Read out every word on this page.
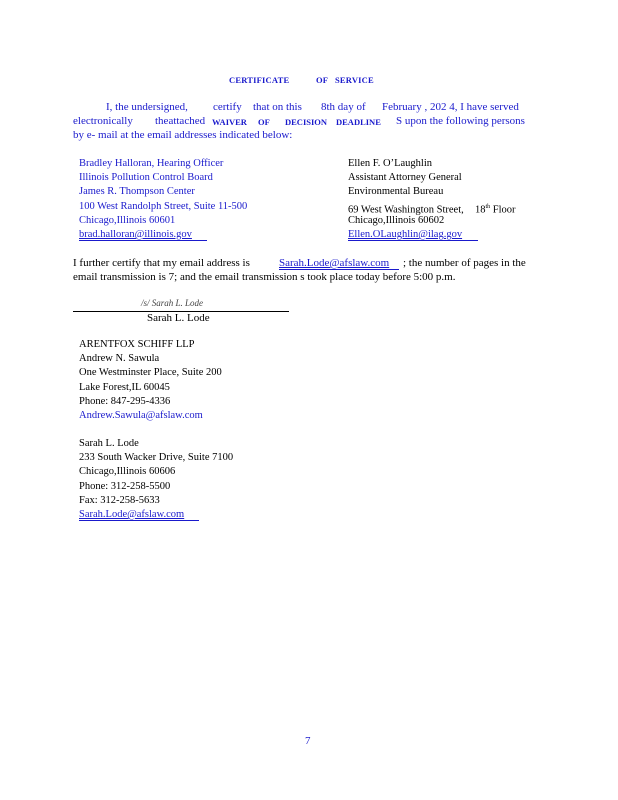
CERTIFICATE	OF SERVICE
I, the undersigned, certify that on this 8th day of February , 202 4, I have served
electronically theattached WAIVER OF DECISION DEADLINE S upon the following persons
by e- mail at the email addresses indicated below:
Bradley Halloran, Hearing Officer
Illinois Pollution Control Board
James R. Thompson Center
100 West Randolph Street, Suite 11-500
Chicago,Illinois 60601
brad.halloran@illinois.gov
Ellen F. O’Laughlin
Assistant Attorney General
Environmental Bureau
69 West Washington Street, 18th Floor
Chicago,Illinois 60602
Ellen.OLaughlin@ilag.gov
I further certify that my email address is	Sarah.Lode@afslaw.com ; the number of pages in the
email transmission is 7; and the email transmission s took place today before 5:00 p.m.
/s/ Sarah L. Lode
Sarah L. Lode
ARENTFOX SCHIFF LLP
Andrew N. Sawula
One Westminster Place, Suite 200
Lake Forest,IL 60045
Phone: 847-295-4336
Andrew.Sawula@afslaw.com
Sarah L. Lode
233 South Wacker Drive, Suite 7100
Chicago,Illinois 60606
Phone: 312-258-5500
Fax: 312-258-5633
Sarah.Lode@afslaw.com
7
